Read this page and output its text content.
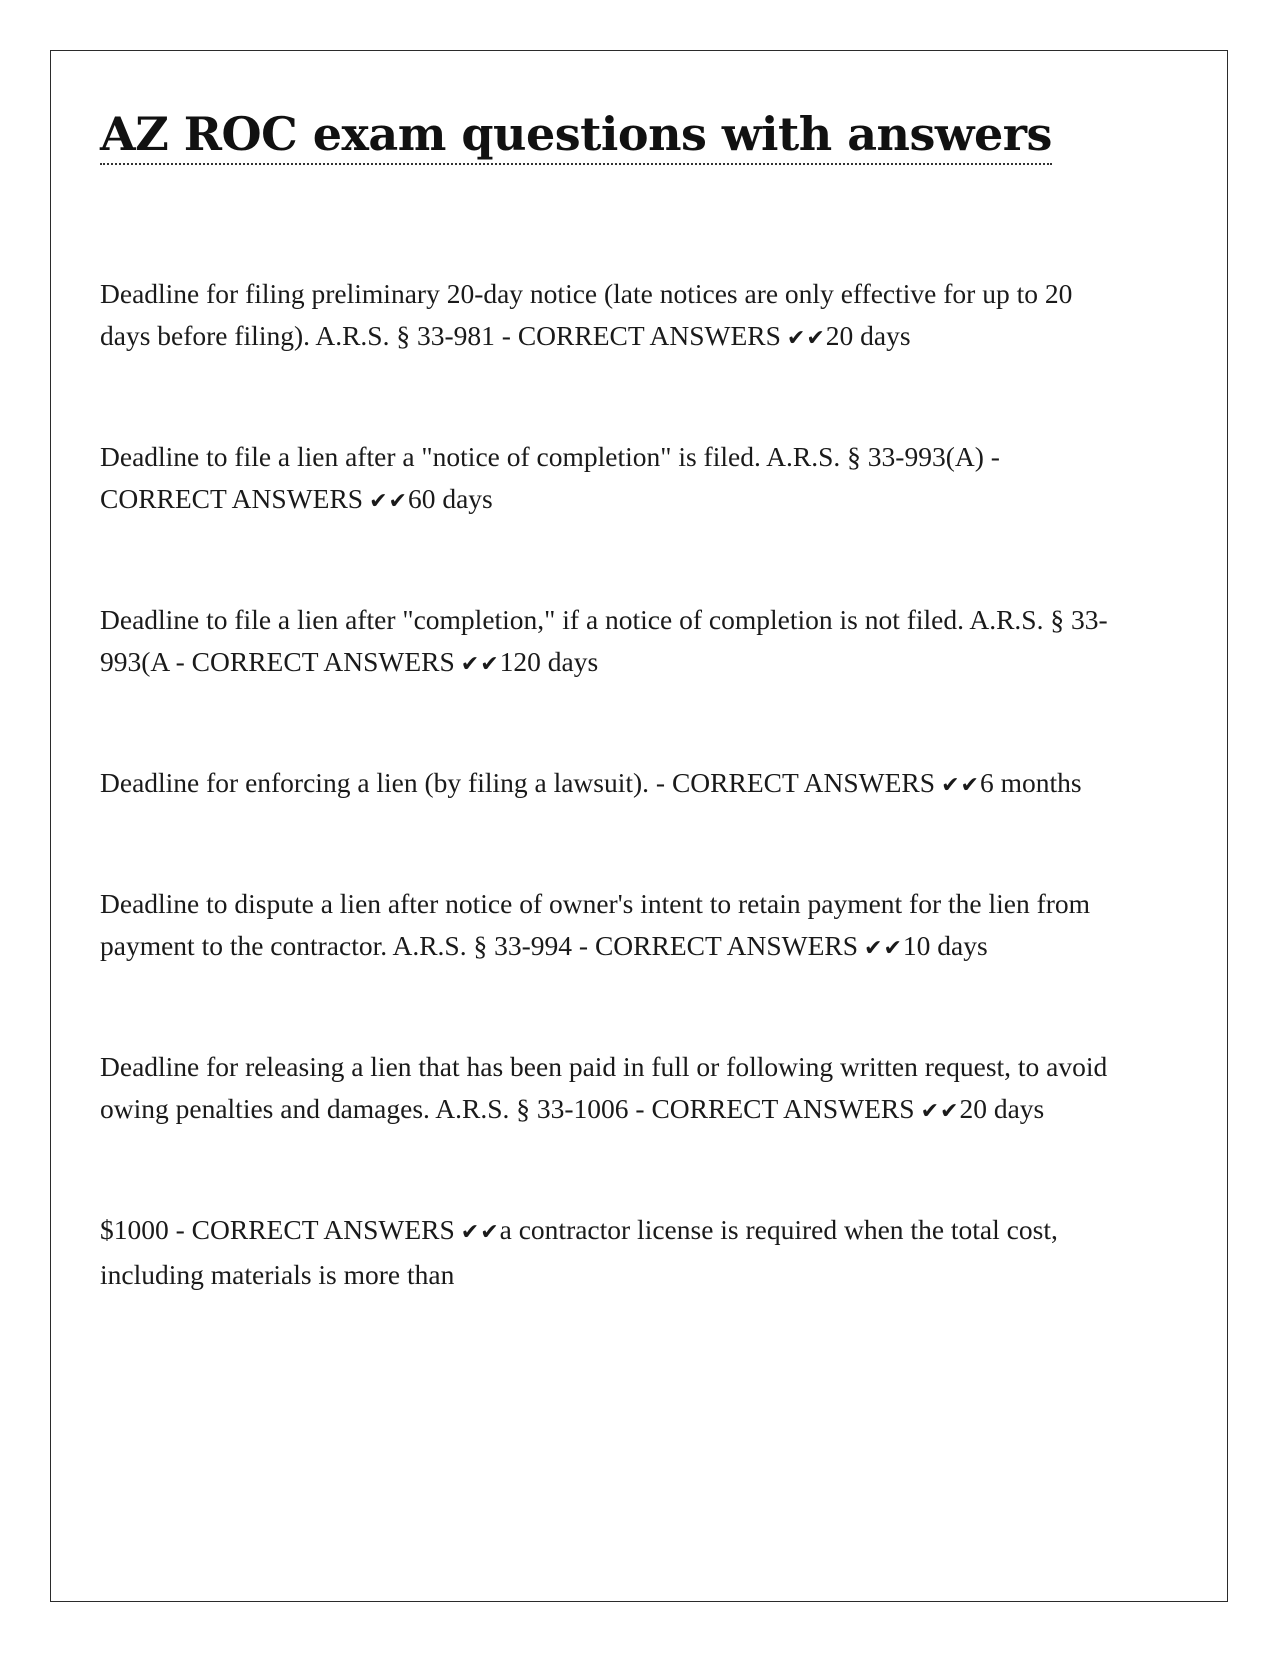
AZ ROC exam questions with answers

Deadline for filing preliminary 20-day notice (late notices are only effective for up to 20 days before filing). A.R.S. § 33-981 - CORRECT ANSWERS ✔✔20 days

Deadline to file a lien after a "notice of completion" is filed. A.R.S. § 33-993(A) - CORRECT ANSWERS ✔✔60 days

Deadline to file a lien after "completion," if a notice of completion is not filed. A.R.S. § 33-993(A - CORRECT ANSWERS ✔✔120 days

Deadline for enforcing a lien (by filing a lawsuit). - CORRECT ANSWERS ✔✔6 months

Deadline to dispute a lien after notice of owner's intent to retain payment for the lien from payment to the contractor. A.R.S. § 33-994 - CORRECT ANSWERS ✔✔10 days

Deadline for releasing a lien that has been paid in full or following written request, to avoid owing penalties and damages. A.R.S. § 33-1006 - CORRECT ANSWERS ✔✔20 days

$1000 - CORRECT ANSWERS ✔✔a contractor license is required when the total cost, including materials is more than
